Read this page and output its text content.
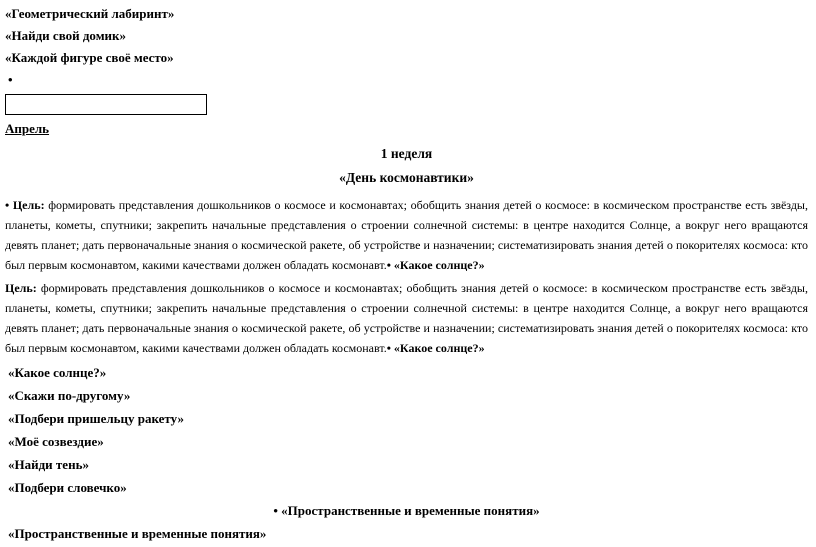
«Геометрический лабиринт»

«Найди свой домик»

«Каждой фигуре своё место»

•

Апрель

1 неделя

«День космонавтики»

• Цель: формировать представления дошкольников о космосе и космонавтах; обобщить знания детей о космосе: в космическом пространстве есть звёзды, планеты, кометы, спутники; закрепить начальные представления о строении солнечной системы: в центре находится Солнце, а вокруг него вращаются девять планет; дать первоначальные знания о космической ракете, об устройстве и назначении; систематизировать знания детей о покорителях космоса: кто был первым космонавтом, какими качествами должен обладать космонавт.• «Какое солнце?»

Цель: формировать представления дошкольников о космосе и космонавтах; обобщить знания детей о космосе: в космическом пространстве есть звёзды, планеты, кометы, спутники; закрепить начальные представления о строении солнечной системы: в центре находится Солнце, а вокруг него вращаются девять планет; дать первоначальные знания о космической ракете, об устройстве и назначении; систематизировать знания детей о покорителях космоса: кто был первым космонавтом, какими качествами должен обладать космонавт.• «Какое солнце?»

«Какое солнце?»

«Скажи по-другому»

«Подбери пришельцу ракету»

«Моё созвездие»

«Найди тень»

«Подбери словечко»

• «Пространственные и временные понятия»

«Пространственные и временные понятия»
